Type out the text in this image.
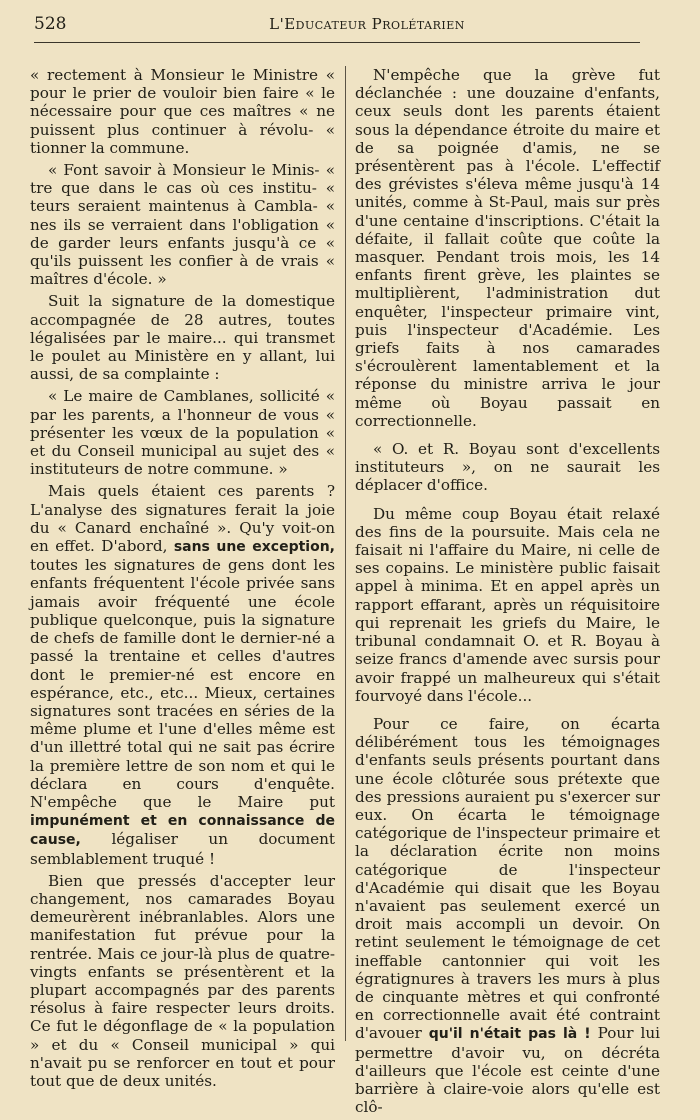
528	L'Educateur Prolétarien

« rectement à Monsieur le Ministre « pour le prier de vouloir bien faire « le nécessaire pour que ces maîtres « ne puissent plus continuer à révolu- « tionner la commune.

« Font savoir à Monsieur le Minis- « tre que dans le cas où ces institu- « teurs seraient maintenus à Cambla- « nes ils se verraient dans l'obligation « de garder leurs enfants jusqu'à ce « qu'ils puissent les confier à de vrais « maîtres d'école. »

Suit la signature de la domestique accompagnée de 28 autres, toutes légalisées par le maire... qui transmet le poulet au Ministère en y allant, lui aussi, de sa complainte :

« Le maire de Camblanes, sollicité « par les parents, a l'honneur de vous « présenter les vœux de la population « et du Conseil municipal au sujet des « instituteurs de notre commune. »

Mais quels étaient ces parents ? L'analyse des signatures ferait la joie du « Canard enchaîné ». Qu'y voit-on en effet. D'abord, sans une exception, toutes les signatures de gens dont les enfants fréquentent l'école privée sans jamais avoir fréquenté une école publique quelconque, puis la signature de chefs de famille dont le dernier-né a passé la trentaine et celles d'autres dont le premier-né est encore en espérance, etc., etc... Mieux, certaines signatures sont tracées en séries de la même plume et l'une d'elles même est d'un illettré total qui ne sait pas écrire la première lettre de son nom et qui le déclara en cours d'enquête. N'empêche que le Maire put impunément et en connaissance de cause, légaliser un document semblablement truqué !

Bien que pressés d'accepter leur changement, nos camarades Boyau demeurèrent inébranlables. Alors une manifestation fut prévue pour la rentrée. Mais ce jour-là plus de quatre-vingts enfants se présentèrent et la plupart accompagnés par des parents résolus à faire respecter leurs droits. Ce fut le dégonflage de « la population » et du « Conseil municipal » qui n'avait pu se renforcer en tout et pour tout que de deux unités.

N'empêche que la grève fut déclanchée : une douzaine d'enfants, ceux seuls dont les parents étaient sous la dépendance étroite du maire et de sa poignée d'amis, ne se présentèrent pas à l'école. L'effectif des grévistes s'éleva même jusqu'à 14 unités, comme à St-Paul, mais sur près d'une centaine d'inscriptions. C'était la défaite, il fallait coûte que coûte la masquer. Pendant trois mois, les 14 enfants firent grève, les plaintes se multiplièrent, l'administration dut enquêter, l'inspecteur primaire vint, puis l'inspecteur d'Académie. Les griefs faits à nos camarades s'écroulèrent lamentablement et la réponse du ministre arriva le jour même où Boyau passait en correctionnelle.

« O. et R. Boyau sont d'excellents instituteurs », on ne saurait les déplacer d'office.

Du même coup Boyau était relaxé des fins de la poursuite. Mais cela ne faisait ni l'affaire du Maire, ni celle de ses copains. Le ministère public faisait appel à minima. Et en appel après un rapport effarant, après un réquisitoire qui reprenait les griefs du Maire, le tribunal condamnait O. et R. Boyau à seize francs d'amende avec sursis pour avoir frappé un malheureux qui s'était fourvoyé dans l'école...

Pour ce faire, on écarta délibérément tous les témoignages d'enfants seuls présents pourtant dans une école clôturée sous prétexte que des pressions auraient pu s'exercer sur eux. On écarta le témoignage catégorique de l'inspecteur primaire et la déclaration écrite non moins catégorique de l'inspecteur d'Académie qui disait que les Boyau n'avaient pas seulement exercé un droit mais accompli un devoir. On retint seulement le témoignage de cet ineffable cantonnier qui voit les égratignures à travers les murs à plus de cinquante mètres et qui confronté en correctionnelle avait été contraint d'avouer qu'il n'était pas là ! Pour lui permettre d'avoir vu, on décréta d'ailleurs que l'école est ceinte d'une barrière à claire-voie alors qu'elle est clô-
